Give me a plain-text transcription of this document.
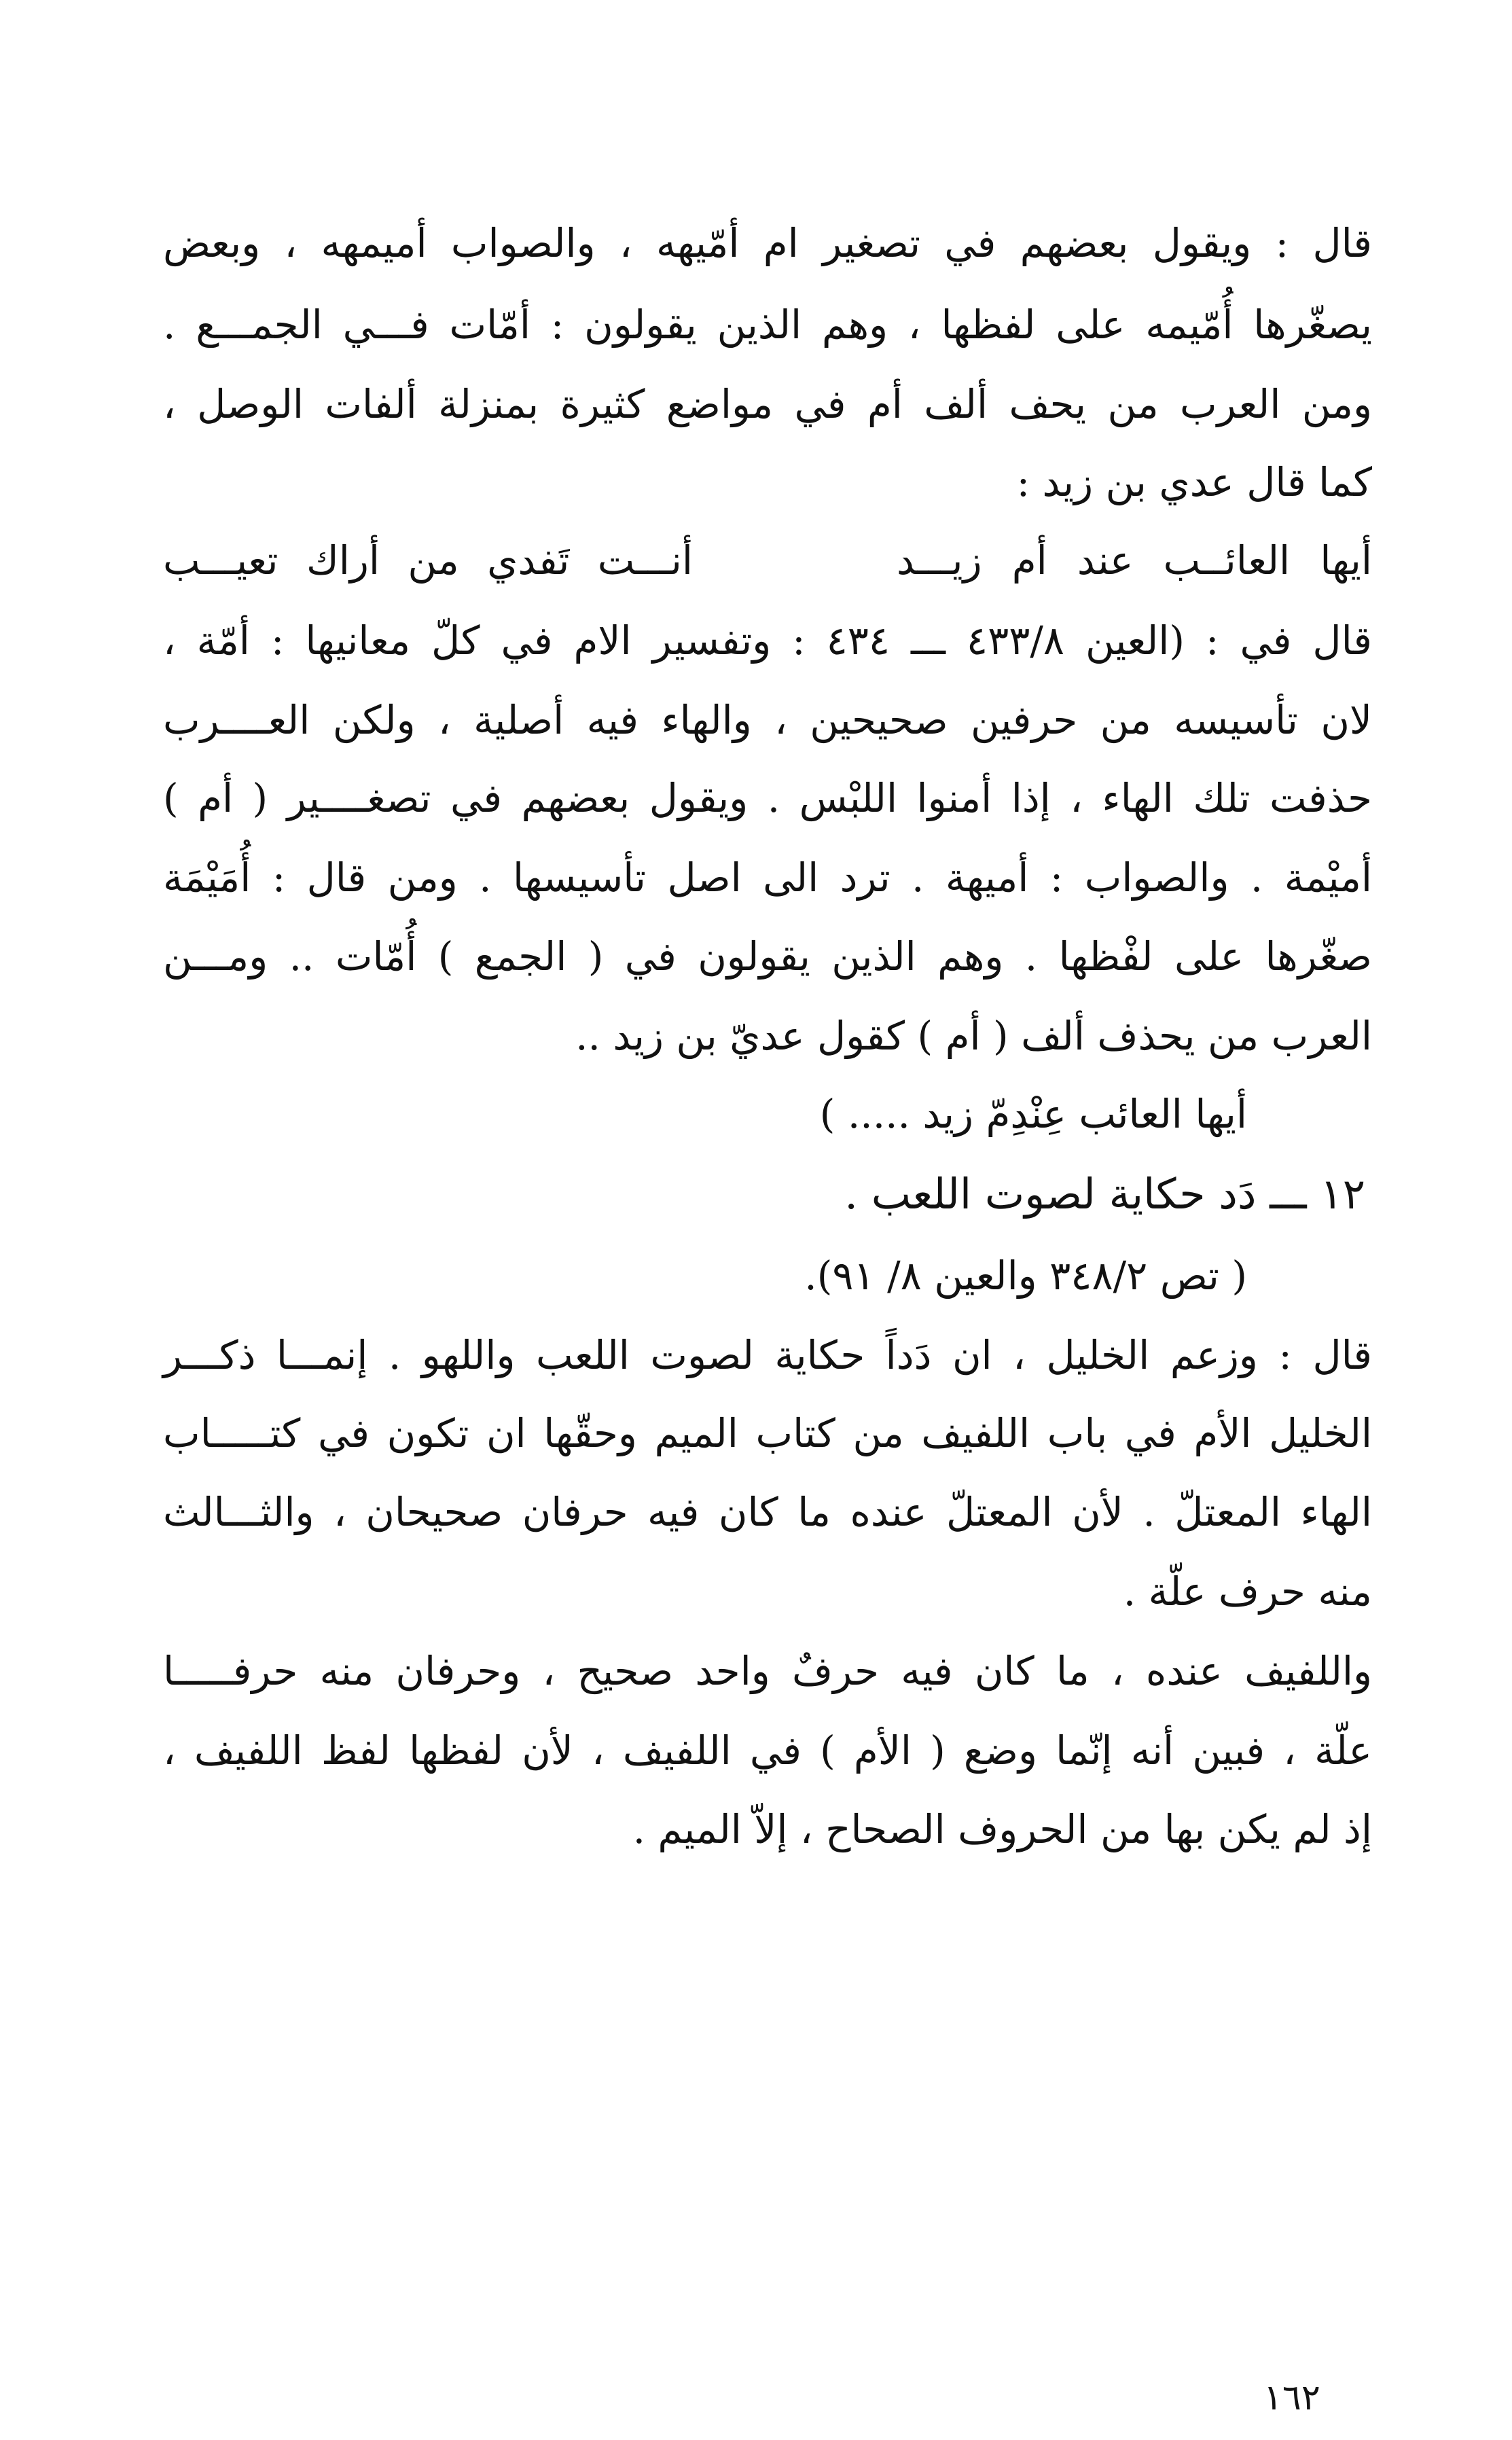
قال : ويقول بعضهم في تصغير ام أمّيهه ، والصواب أميمهه ، وبعض
يصغّرها أُمّيمه على لفظها ، وهم الذين يقولون : أمّات فـــي الجمـــع .
ومن العرب من يحف ألف أم في مواضع كثيرة بمنزلة ألفات الوصل ،
كما قال عدي بن زيد :
أيها العائــب عند أم زيـــد
أنـــت تَفدي من أراك تعيـــب
قال في : (العين ٤٣٣/٨ ـــ ٤٣٤ : وتفسير الام في كلّ معانيها : أمّة ،
لان تأسيسه من حرفين صحيحين ، والهاء فيه أصلية ، ولكن العــــرب
حذفت تلك الهاء ، إذا أمنوا اللبْس . ويقول بعضهم في تصغــــير ( أم )
أميْمة . والصواب : أميهة . ترد الى اصل تأسيسها . ومن قال : أُمَيْمَة
صغّرها على لفْظها . وهم الذين يقولون في ( الجمع ) أُمّات .. ومـــن
العرب من يحذف ألف ( أم ) كقول عديّ بن زيد ..
أيها العائب عِنْدِمّ زيد ..... )
١٢ ـــ دَد حكاية لصوت اللعب .
( تص ٣٤٨/٢ والعين ٨/ ٩١).
قال : وزعم الخليل ، ان دَداً حكاية لصوت اللعب واللهو . إنمـــا ذكـــر
الخليل الأم في باب اللفيف من كتاب الميم وحقّها ان تكون في كتـــــاب
الهاء المعتلّ . لأن المعتلّ عنده ما كان فيه حرفان صحيحان ، والثـــالث
منه حرف علّة .
واللفيف عنده ، ما كان فيه حرفٌ واحد صحيح ، وحرفان منه حرفـــــا
علّة ، فبين أنه إنّما وضع ( الأم ) في اللفيف ، لأن لفظها لفظ اللفيف ،
إذ لم يكن بها من الحروف الصحاح ، إلاّ الميم .
١٦٢
